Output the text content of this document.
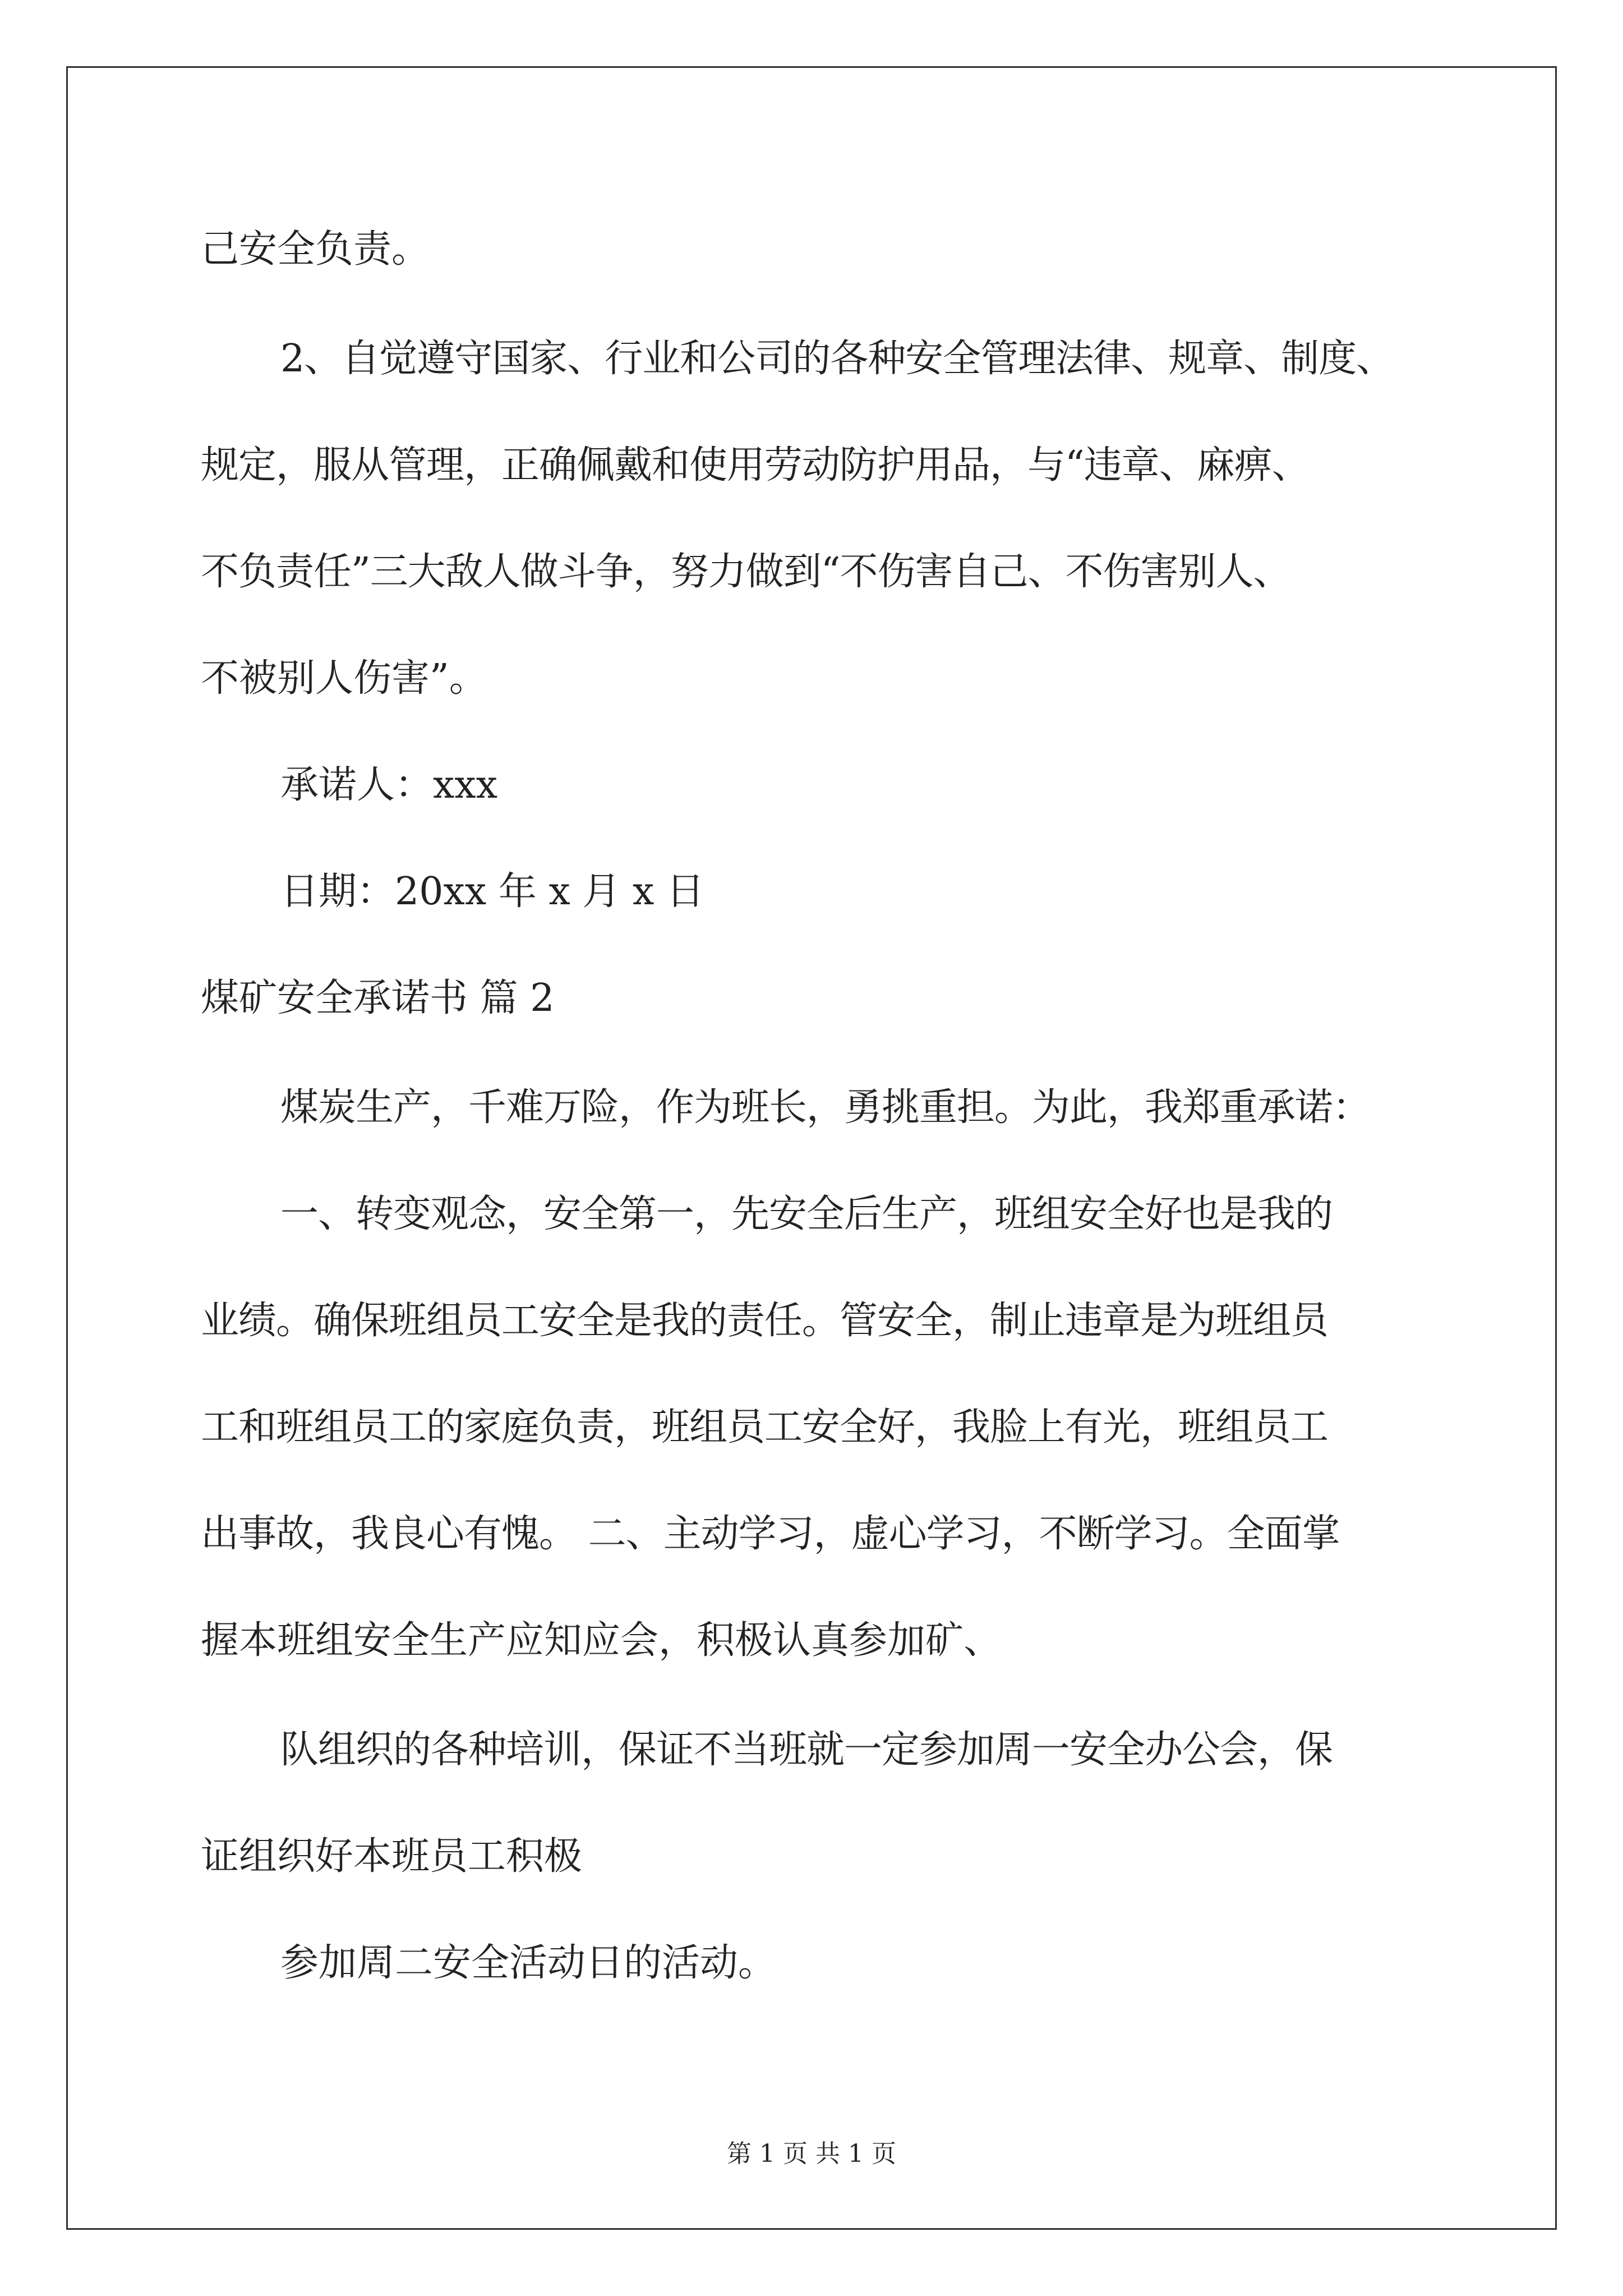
己安全负责。
2、自觉遵守国家、行业和公司的各种安全管理法律、规章、制度、
规定，服从管理，正确佩戴和使用劳动防护用品，与“违章、麻痹、
不负责任”三大敌人做斗争，努力做到“不伤害自己、不伤害别人、
不被别人伤害”。
承诺人：xxx
日期：20xx 年 x 月 x 日
煤矿安全承诺书 篇 2
煤炭生产，千难万险，作为班长，勇挑重担。为此，我郑重承诺：
一、转变观念，安全第一，先安全后生产，班组安全好也是我的
业绩。确保班组员工安全是我的责任。管安全，制止违章是为班组员
工和班组员工的家庭负责，班组员工安全好，我脸上有光，班组员工
出事故，我良心有愧。 二、主动学习，虚心学习，不断学习。全面掌
握本班组安全生产应知应会，积极认真参加矿、
队组织的各种培训，保证不当班就一定参加周一安全办公会，保
证组织好本班员工积极
参加周二安全活动日的活动。
第 1 页 共 1 页
